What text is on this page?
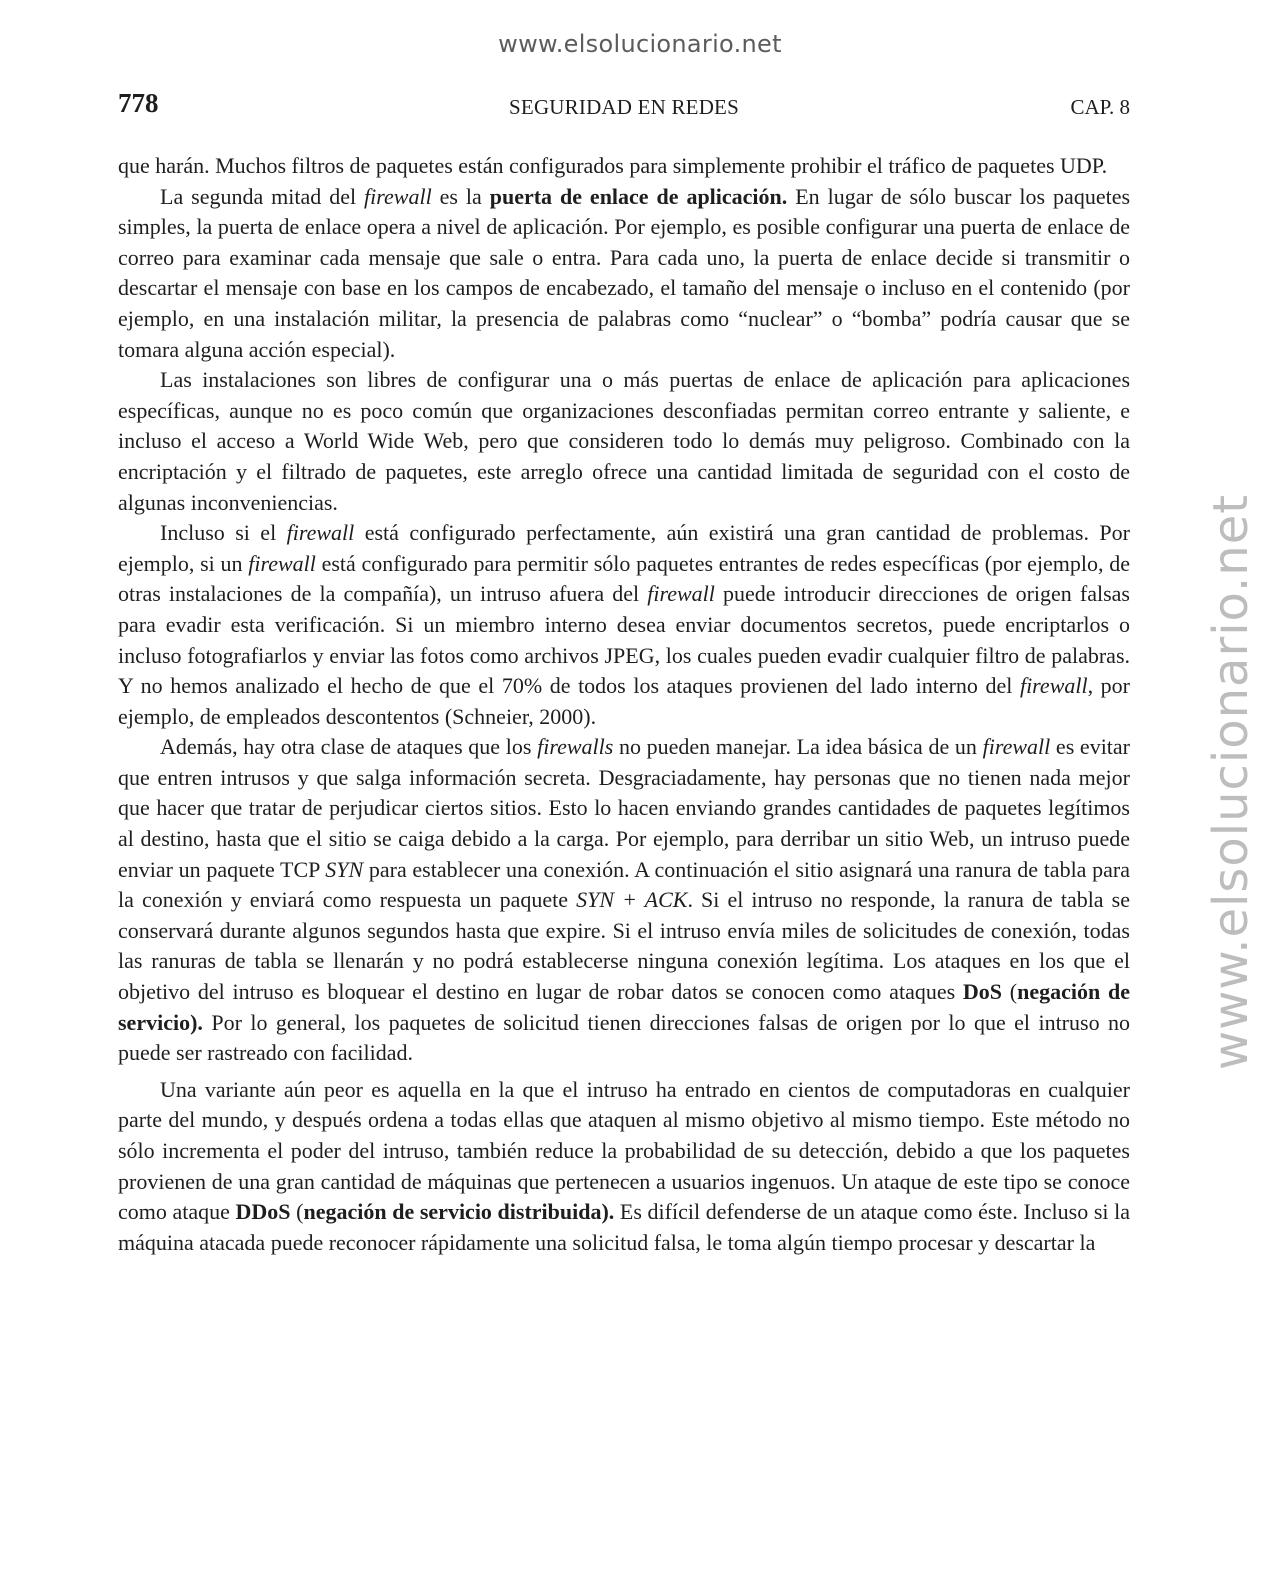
www.elsolucionario.net
www.elsolucionario.net
778	SEGURIDAD EN REDES	CAP. 8

que harán. Muchos filtros de paquetes están configurados para simplemente prohibir el tráfico de paquetes UDP.

La segunda mitad del firewall es la puerta de enlace de aplicación. En lugar de sólo buscar los paquetes simples, la puerta de enlace opera a nivel de aplicación. Por ejemplo, es posible configurar una puerta de enlace de correo para examinar cada mensaje que sale o entra. Para cada uno, la puerta de enlace decide si transmitir o descartar el mensaje con base en los campos de encabezado, el tamaño del mensaje o incluso en el contenido (por ejemplo, en una instalación militar, la presencia de palabras como “nuclear” o “bomba” podría causar que se tomara alguna acción especial).

Las instalaciones son libres de configurar una o más puertas de enlace de aplicación para aplicaciones específicas, aunque no es poco común que organizaciones desconfiadas permitan correo entrante y saliente, e incluso el acceso a World Wide Web, pero que consideren todo lo demás muy peligroso. Combinado con la encriptación y el filtrado de paquetes, este arreglo ofrece una cantidad limitada de seguridad con el costo de algunas inconveniencias.

Incluso si el firewall está configurado perfectamente, aún existirá una gran cantidad de problemas. Por ejemplo, si un firewall está configurado para permitir sólo paquetes entrantes de redes específicas (por ejemplo, de otras instalaciones de la compañía), un intruso afuera del firewall puede introducir direcciones de origen falsas para evadir esta verificación. Si un miembro interno desea enviar documentos secretos, puede encriptarlos o incluso fotografiarlos y enviar las fotos como archivos JPEG, los cuales pueden evadir cualquier filtro de palabras. Y no hemos analizado el hecho de que el 70% de todos los ataques provienen del lado interno del firewall, por ejemplo, de empleados descontentos (Schneier, 2000).

Además, hay otra clase de ataques que los firewalls no pueden manejar. La idea básica de un firewall es evitar que entren intrusos y que salga información secreta. Desgraciadamente, hay personas que no tienen nada mejor que hacer que tratar de perjudicar ciertos sitios. Esto lo hacen enviando grandes cantidades de paquetes legítimos al destino, hasta que el sitio se caiga debido a la carga. Por ejemplo, para derribar un sitio Web, un intruso puede enviar un paquete TCP SYN para establecer una conexión. A continuación el sitio asignará una ranura de tabla para la conexión y enviará como respuesta un paquete SYN + ACK. Si el intruso no responde, la ranura de tabla se conservará durante algunos segundos hasta que expire. Si el intruso envía miles de solicitudes de conexión, todas las ranuras de tabla se llenarán y no podrá establecerse ninguna conexión legítima. Los ataques en los que el objetivo del intruso es bloquear el destino en lugar de robar datos se conocen como ataques DoS (negación de servicio). Por lo general, los paquetes de solicitud tienen direcciones falsas de origen por lo que el intruso no puede ser rastreado con facilidad.

Una variante aún peor es aquella en la que el intruso ha entrado en cientos de computadoras en cualquier parte del mundo, y después ordena a todas ellas que ataquen al mismo objetivo al mismo tiempo. Este método no sólo incrementa el poder del intruso, también reduce la probabilidad de su detección, debido a que los paquetes provienen de una gran cantidad de máquinas que pertenecen a usuarios ingenuos. Un ataque de este tipo se conoce como ataque DDoS (negación de servicio distribuida). Es difícil defenderse de un ataque como éste. Incluso si la máquina atacada puede reconocer rápidamente una solicitud falsa, le toma algún tiempo procesar y descartar la
